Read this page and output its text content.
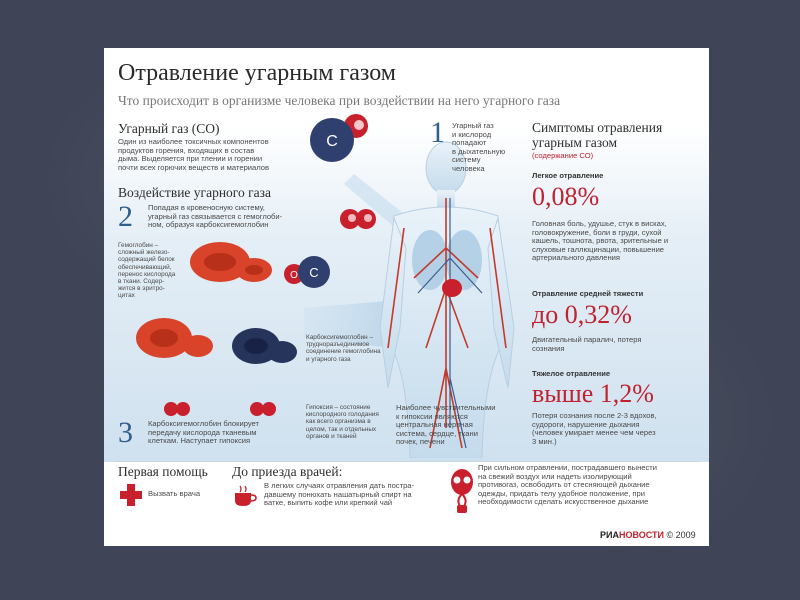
Отравление угарным газом
Что происходит в организме человека при воздействии на него угарного газа
Угарный газ (СО)
Один из наиболее токсичных компонентов
продуктов горения, входящих в состав
дыма. Выделяется при тлении и горении
почти всех горючих веществ и материалов
C
Воздействие угарного газа
2 Попадая в кровеносную систему,
угарный газ связывается с гемоглоби-
ном, образуя карбоксигемоглобин
Гемоглобин –
сложный железо-
содержащий белок
обеспечивающий,
перенос кислорода
в ткани. Содер-
жится в эритро-
цитах
O C
Карбоксигемоглобин –
трудноразъединимое
соединение гемоглобина
и угарного газа
3 Карбоксигемоглобин блокирует
передачу кислорода тканевым
клеткам. Наступает гипоксия
Гипоксия – состояние
кислородного голодания
как всего организма в
целом, так и отдельных
органов и тканей
1 Угарный газ
и кислород
попадают
в дыхательную
систему
человека
Наиболее чувствительными
к гипоксии являются
центральная нервная
система, сердце, ткани
почек, печени
Симптомы отравления
угарным газом
(содержание СО)
Легкое отравление
0,08%
Головная боль, удушье, стук в висках,
головокружение, боли в груди, сухой
кашель, тошнота, рвота, зрительные и
слуховые галлюцинации, повышение
артериального давления
Отравление средней тяжести
до 0,32%
Двигательный паралич, потеря
сознания
Тяжелое отравление
выше 1,2%
Потеря сознания после 2-3 вдохов,
судороги, нарушение дыхания
(человек умирает менее чем через
3 мин.)
Первая помощь
Вызвать врача
До приезда врачей:
В легких случаях отравления дать пострa-
давшему понюхать нашатырный спирт на
ватке, выпить кофе или крепкий чай
При сильном отравлении, пострадавшего вынести
на свежий воздух или надеть изолирующий
противогаз, освободить от стесняющей дыхание
одежды, придать телу удобное положение, при
необходимости сделать искусственное дыхание
РИАНОВОСТИ © 2009
